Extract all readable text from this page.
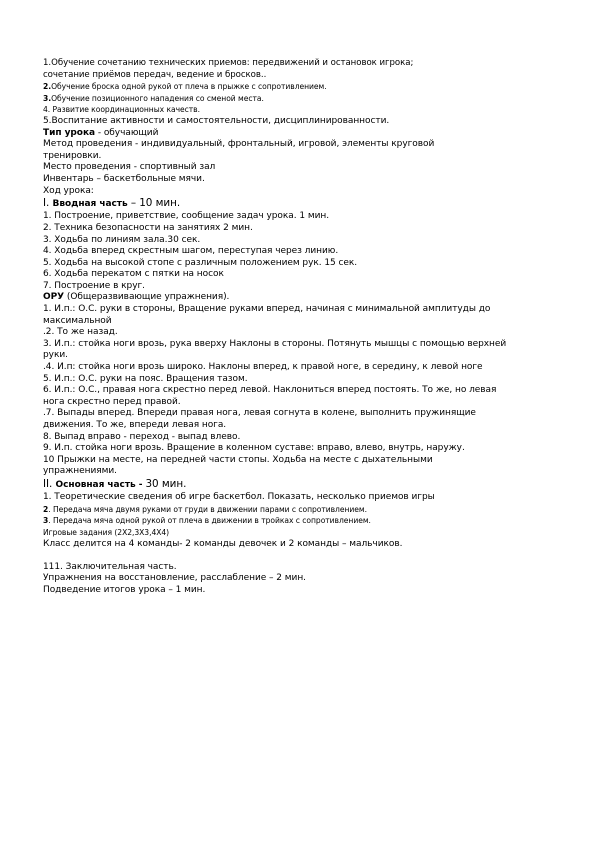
1.Обучение сочетанию технических приемов: передвижений и остановок игрока;
сочетание приёмов передач, ведение и бросков..
2.Обучение броска одной рукой от плеча в прыжке с сопротивлением.
3.Обучение позиционного нападения со сменой места.
4. Развитие координационных качеств.
5.Воспитание активности и самостоятельности, дисциплинированности.
Тип урока - обучающий
Метод проведения - индивидуальный, фронтальный, игровой, элементы круговой тренировки.
Место проведения - спортивный зал
Инвентарь – баскетбольные мячи.
Ход урока:
I. Вводная часть – 10 мин.
1. Построение, приветствие, сообщение задач урока. 1 мин.
2. Техника безопасности на занятиях 2 мин.
3. Ходьба по линиям зала.30 сек.
4. Ходьба вперед скрестным шагом, переступая через линию.
5. Ходьба на высокой стопе с различным положением рук. 15 сек.
6. Ходьба перекатом с пятки на носок
7. Построение в круг.
ОРУ (Общеразвивающие упражнения).
1. И.п.: О.С. руки в стороны, Вращение руками вперед, начиная с минимальной амплитуды до максимальной
.2. То же назад.
3. И.п.: стойка ноги врозь, рука вверху Наклоны в стороны. Потянуть мышцы с помощью верхней руки.
.4. И.п: стойка ноги врозь широко. Наклоны вперед, к правой ноге, в середину, к левой ноге
5. И.п.: О.С. руки на пояс. Вращения тазом.
6. И.п.: О.С., правая нога скрестно перед левой. Наклониться вперед постоять. То же, но левая нога скрестно перед правой.
.7. Выпады вперед. Впереди правая нога, левая согнута в колене, выполнить пружинящие движения. То же, впереди левая нога.
8. Выпад вправо - переход - выпад влево.
9. И.п. стойка ноги врозь. Вращение в коленном суставе: вправо, влево, внутрь, наружу.
10 Прыжки на месте, на передней части стопы. Ходьба на месте с дыхательными упражнениями.
II. Основная часть - 30 мин.
1. Теоретические сведения об игре баскетбол. Показать, несколько приемов игры
2. Передача мяча двумя руками от груди в движении парами с сопротивлением.
3. Передача мяча одной рукой от плеча в движении в тройках с сопротивлением.
Игровые задания (2Х2,3Х3,4Х4)
Класс делится на 4 команды- 2 команды девочек и 2 команды – мальчиков.
111. Заключительная часть.
Упражнения на восстановление, расслабление – 2 мин.
Подведение итогов урока – 1 мин.
